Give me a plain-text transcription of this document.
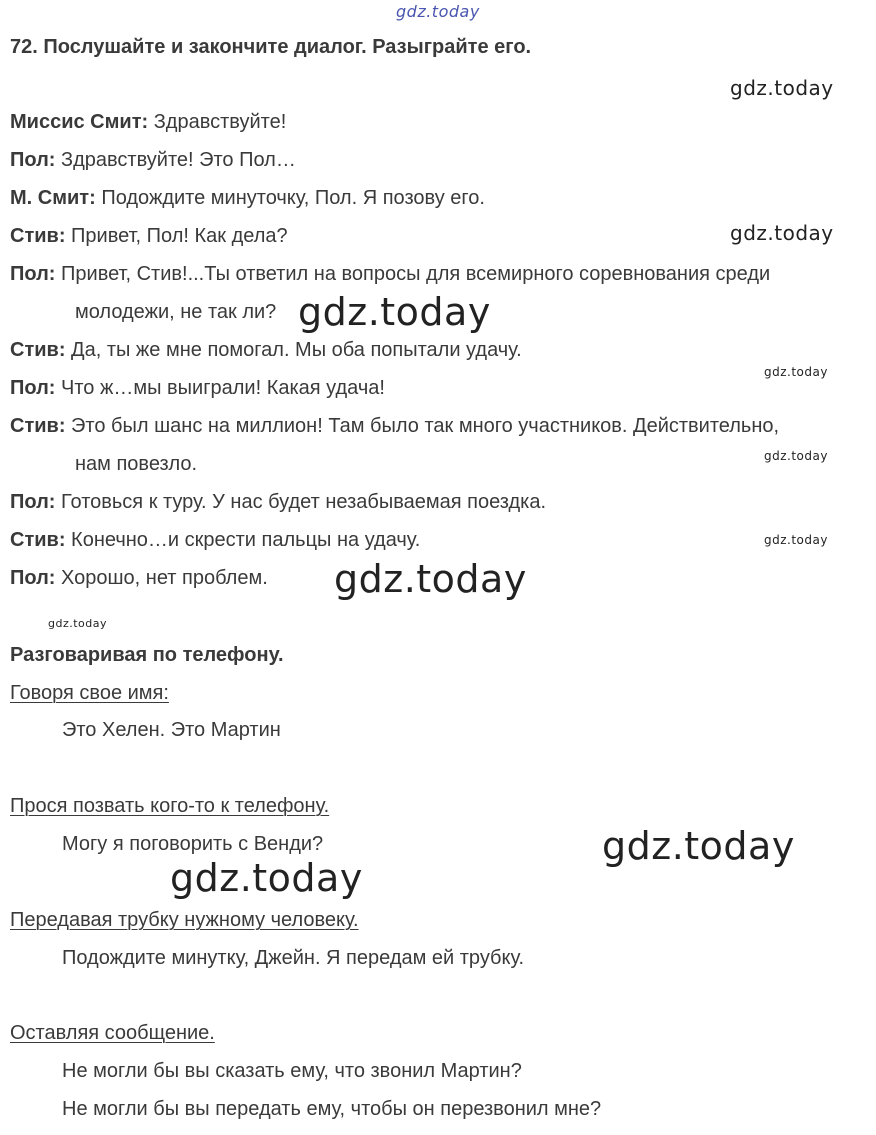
gdz.today
gdz.today
gdz.today
gdz.today
gdz.today
gdz.today
gdz.today
gdz.today
gdz.today
gdz.today
gdz.today
72. Послушайте и закончите диалог. Разыграйте его.
Миссис Смит: Здравствуйте!
Пол: Здравствуйте! Это Пол…
М. Смит: Подождите минуточку, Пол. Я позову его.
Стив: Привет, Пол! Как дела?
Пол: Привет, Стив!...Ты ответил на вопросы для всемирного соревнования среди
молодежи, не так ли?
Стив: Да, ты же мне помогал. Мы оба попытали удачу.
Пол: Что ж…мы выиграли! Какая удача!
Стив: Это был шанс на миллион! Там было так много участников. Действительно,
нам повезло.
Пол: Готовься к туру. У нас будет незабываемая поездка.
Стив: Конечно…и скрести пальцы на удачу.
Пол: Хорошо, нет проблем.
Разговаривая по телефону.
Говоря свое имя:
Это Хелен. Это Мартин
Прося позвать кого-то к телефону.
Могу я поговорить с Венди?
Передавая трубку нужному человеку.
Подождите минутку, Джейн. Я передам ей трубку.
Оставляя сообщение.
Не могли бы вы сказать ему, что звонил Мартин?
Не могли бы вы передать ему, чтобы он перезвонил мне?
